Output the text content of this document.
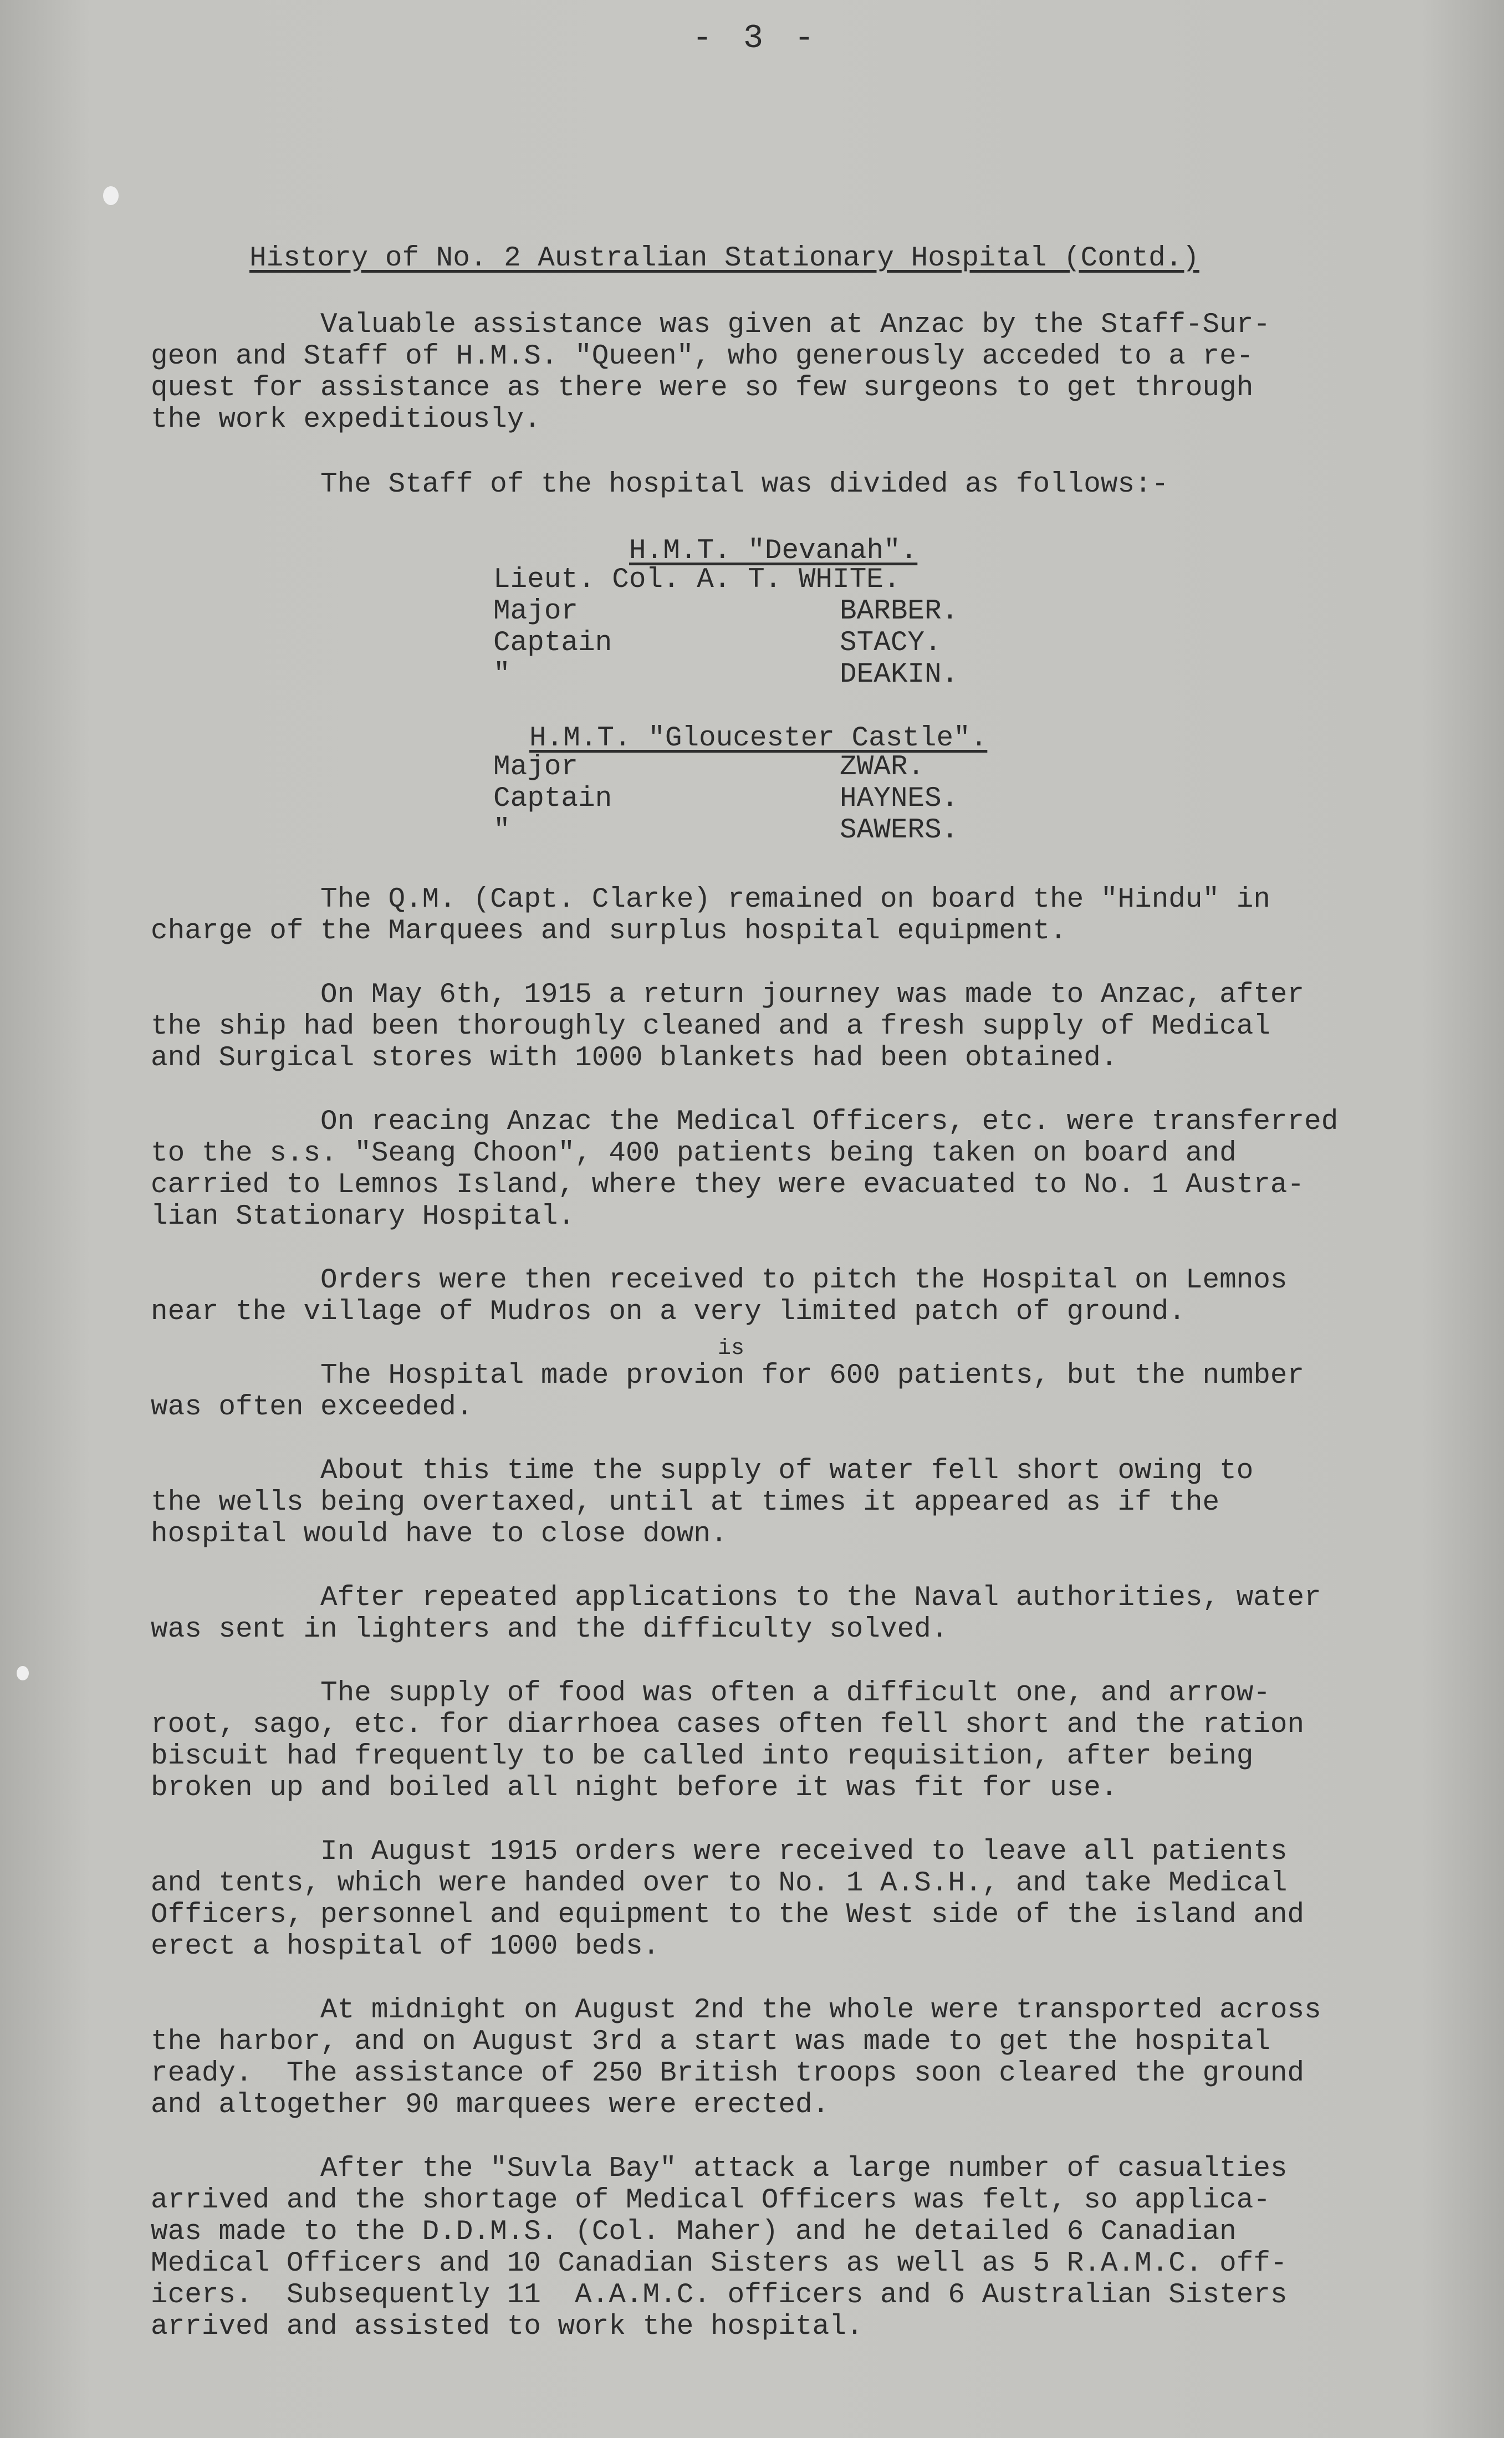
- 3 -
History of No. 2 Australian Stationary Hospital (Contd.)
Valuable assistance was given at Anzac by the Staff-Sur-
geon and Staff of H.M.S. "Queen", who generously acceded to a re-
quest for assistance as there were so few surgeons to get through
the work expeditiously.
The Staff of the hospital was divided as follows:-
H.M.T. "Devanah".
Lieut. Col. A. T. WHITE.
Major	BARBER.
Captain	STACY.
"	DEAKIN.
H.M.T. "Gloucester Castle".
Major	ZWAR.
Captain	HAYNES.
"	SAWERS.
The Q.M. (Capt. Clarke) remained on board the "Hindu" in
charge of the Marquees and surplus hospital equipment.
On May 6th, 1915 a return journey was made to Anzac, after
the ship had been thoroughly cleaned and a fresh supply of Medical
and Surgical stores with 1000 blankets had been obtained.
On reacing Anzac the Medical Officers, etc. were transferred
to the s.s. "Seang Choon", 400 patients being taken on board and
carried to Lemnos Island, where they were evacuated to No. 1 Austra-
lian Stationary Hospital.
Orders were then received to pitch the Hospital on Lemnos
near the village of Mudros on a very limited patch of ground.
is
The Hospital made provion for 600 patients, but the number
was often exceeded.
About this time the supply of water fell short owing to
the wells being overtaxed, until at times it appeared as if the
hospital would have to close down.
After repeated applications to the Naval authorities, water
was sent in lighters and the difficulty solved.
The supply of food was often a difficult one, and arrow-
root, sago, etc. for diarrhoea cases often fell short and the ration
biscuit had frequently to be called into requisition, after being
broken up and boiled all night before it was fit for use.
In August 1915 orders were received to leave all patients
and tents, which were handed over to No. 1 A.S.H., and take Medical
Officers, personnel and equipment to the West side of the island and
erect a hospital of 1000 beds.
At midnight on August 2nd the whole were transported across
the harbor, and on August 3rd a start was made to get the hospital
ready.  The assistance of 250 British troops soon cleared the ground
and altogether 90 marquees were erected.
After the "Suvla Bay" attack a large number of casualties
arrived and the shortage of Medical Officers was felt, so applica-
was made to the D.D.M.S. (Col. Maher) and he detailed 6 Canadian
Medical Officers and 10 Canadian Sisters as well as 5 R.A.M.C. off-
icers.  Subsequently 11  A.A.M.C. officers and 6 Australian Sisters
arrived and assisted to work the hospital.
